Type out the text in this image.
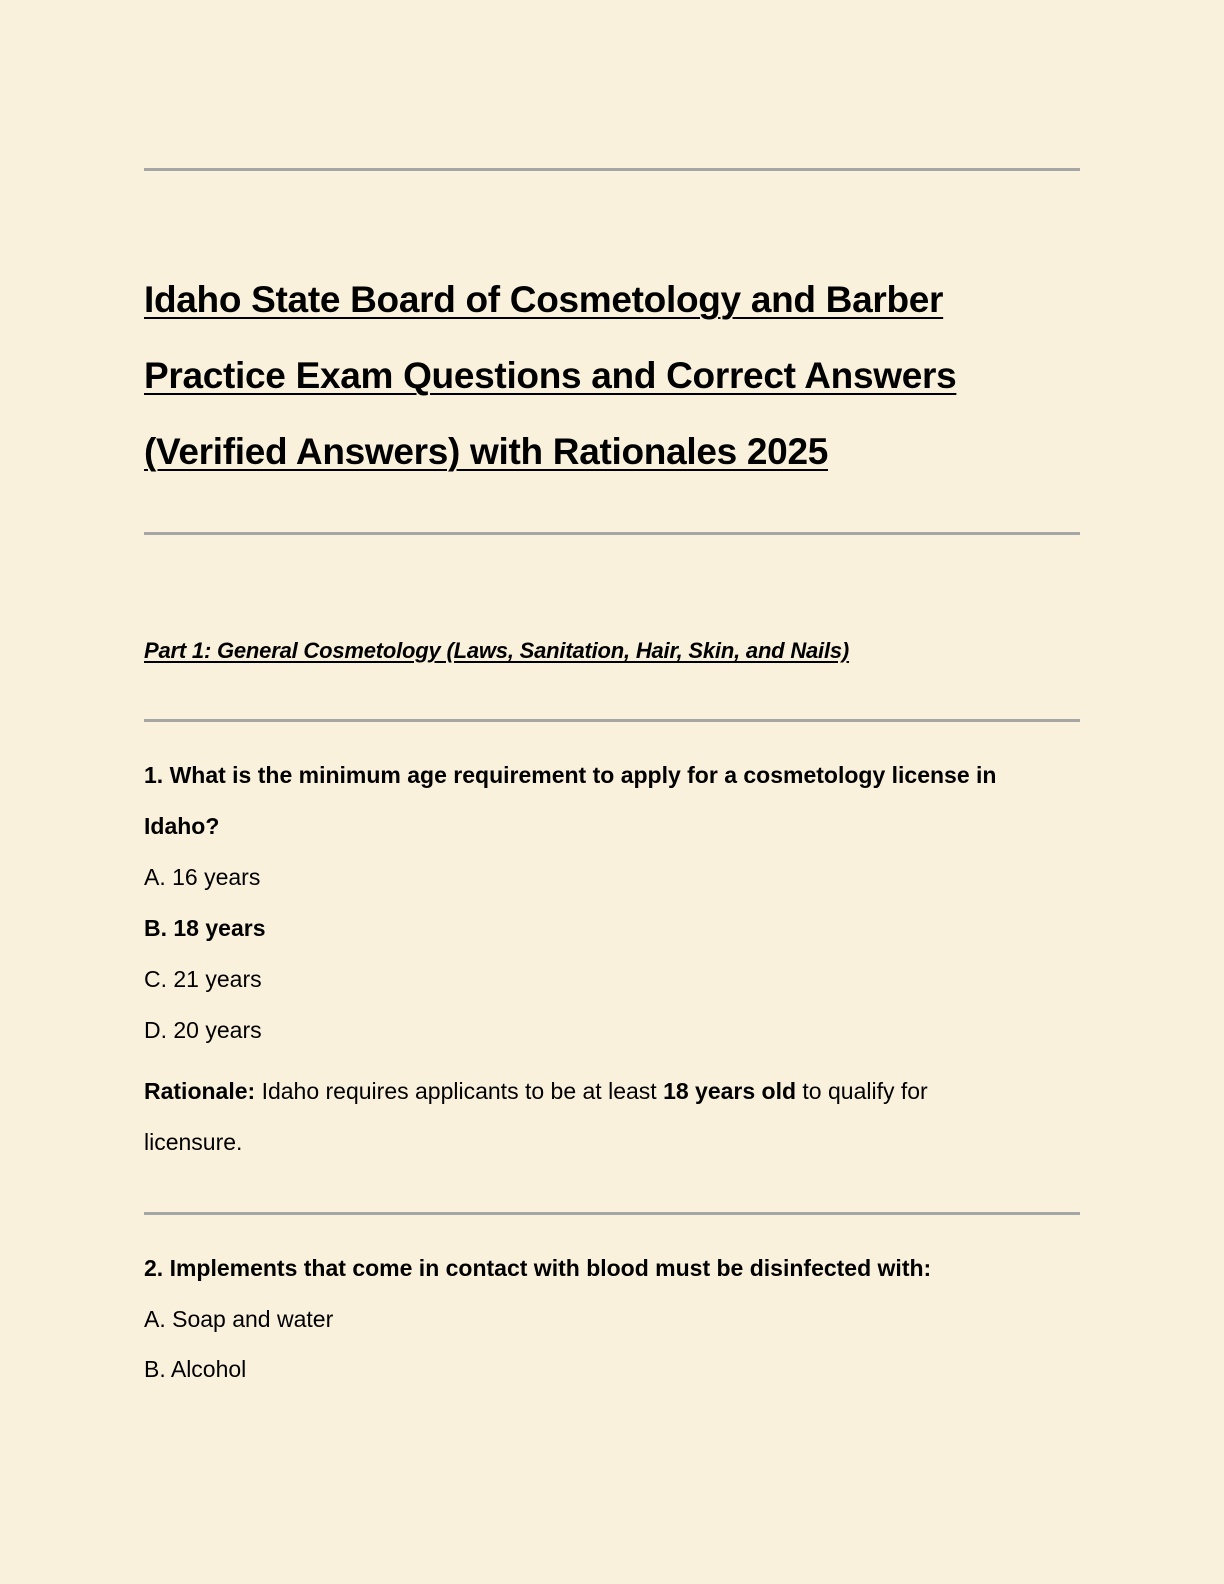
Idaho State Board of Cosmetology and Barber
Practice Exam Questions and Correct Answers
(Verified Answers) with Rationales 2025
Part 1: General Cosmetology (Laws, Sanitation, Hair, Skin, and Nails)

1. What is the minimum age requirement to apply for a cosmetology license in

Idaho?

A. 16 years

B. 18 years

C. 21 years

D. 20 years

Rationale: Idaho requires applicants to be at least 18 years old to qualify for

licensure.

2. Implements that come in contact with blood must be disinfected with:

A. Soap and water

B. Alcohol
